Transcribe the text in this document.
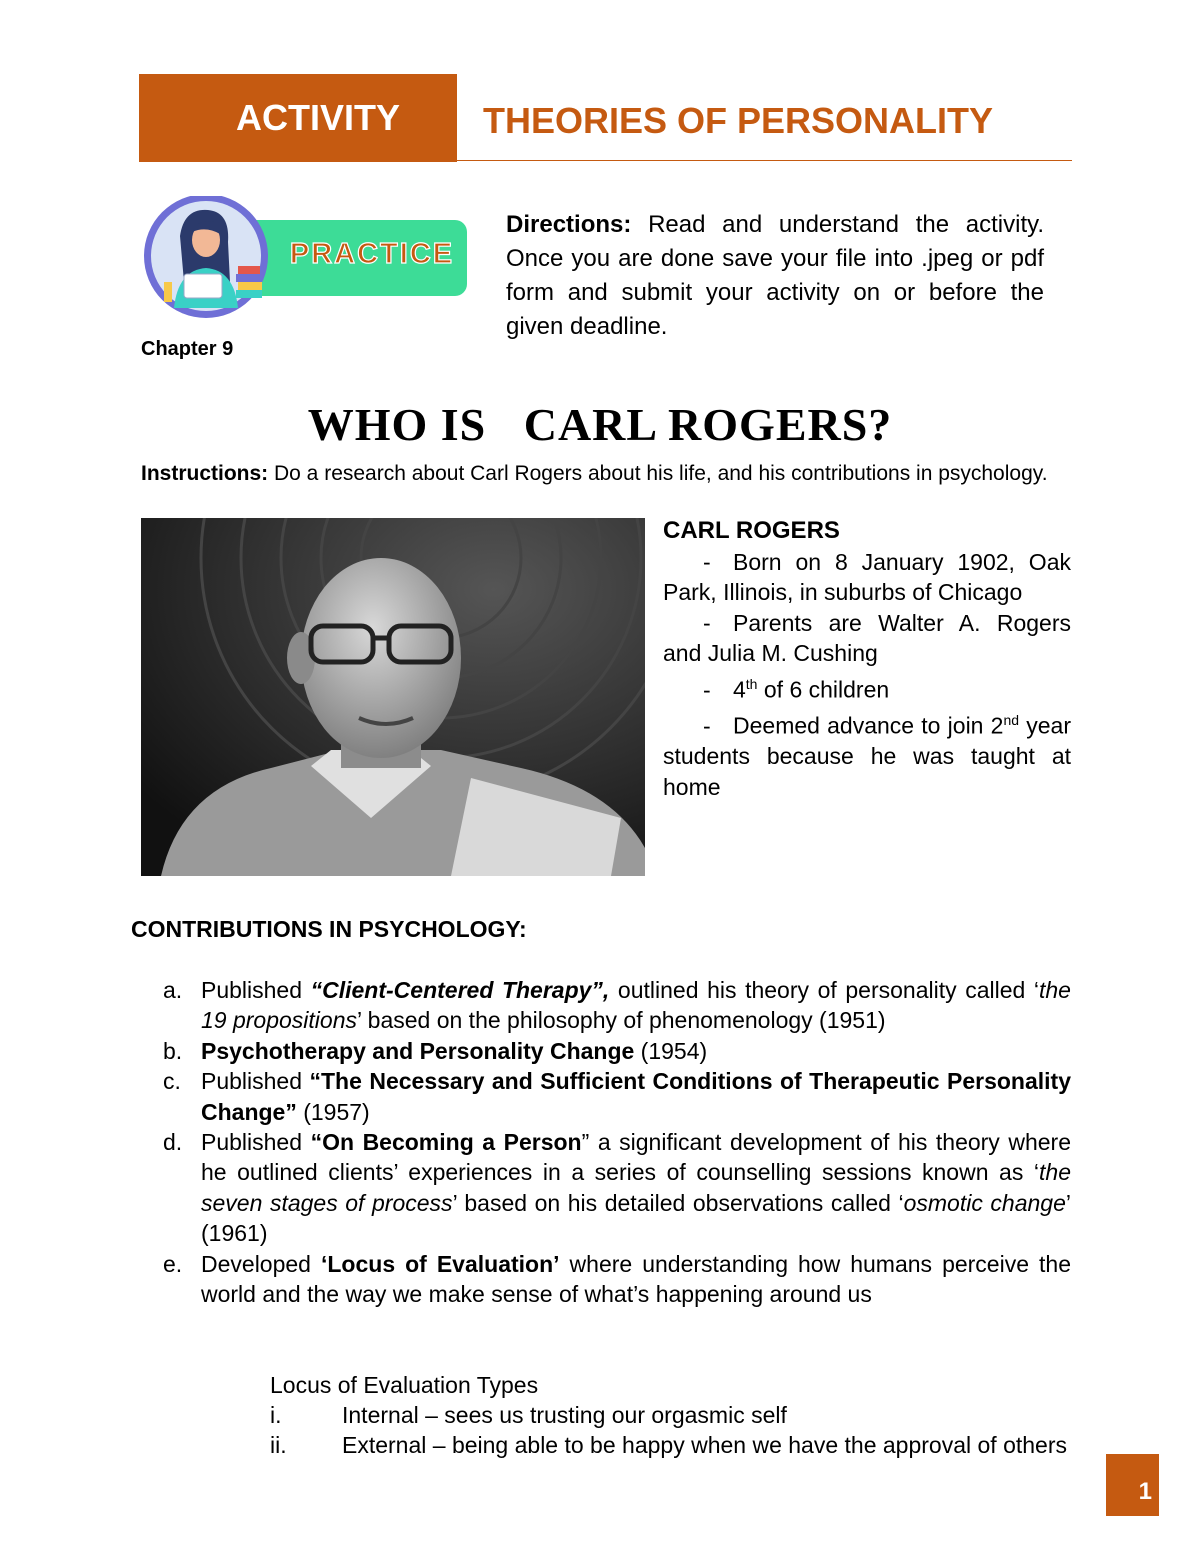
ACTIVITY	THEORIES OF PERSONALITY
PRACTICE
Chapter 9
Directions: Read and understand the activity. Once you are done save your file into .jpeg or pdf form and submit your activity on or before the given deadline.
WHO IS   CARL ROGERS?
Instructions: Do a research about Carl Rogers about his life, and his contributions in psychology.
CARL ROGERS
- Born on 8 January 1902, Oak Park, Illinois, in suburbs of Chicago
- Parents are Walter A. Rogers and Julia M. Cushing
- 4th of 6 children
- Deemed advance to join 2nd year students because he was taught at home
CONTRIBUTIONS IN PSYCHOLOGY:
a. Published “Client-Centered Therapy”, outlined his theory of personality called ‘the 19 propositions’ based on the philosophy of phenomenology (1951)
b. Psychotherapy and Personality Change (1954)
c. Published “The Necessary and Sufficient Conditions of Therapeutic Personality Change” (1957)
d. Published “On Becoming a Person” a significant development of his theory where he outlined clients’ experiences in a series of counselling sessions known as ‘the seven stages of process’ based on his detailed observations called ‘osmotic change’ (1961)
e. Developed ‘Locus of Evaluation’ where understanding how humans perceive the world and the way we make sense of what’s happening around us
Locus of Evaluation Types
i.	Internal – sees us trusting our orgasmic self
ii.	External – being able to be happy when we have the approval of others
1
